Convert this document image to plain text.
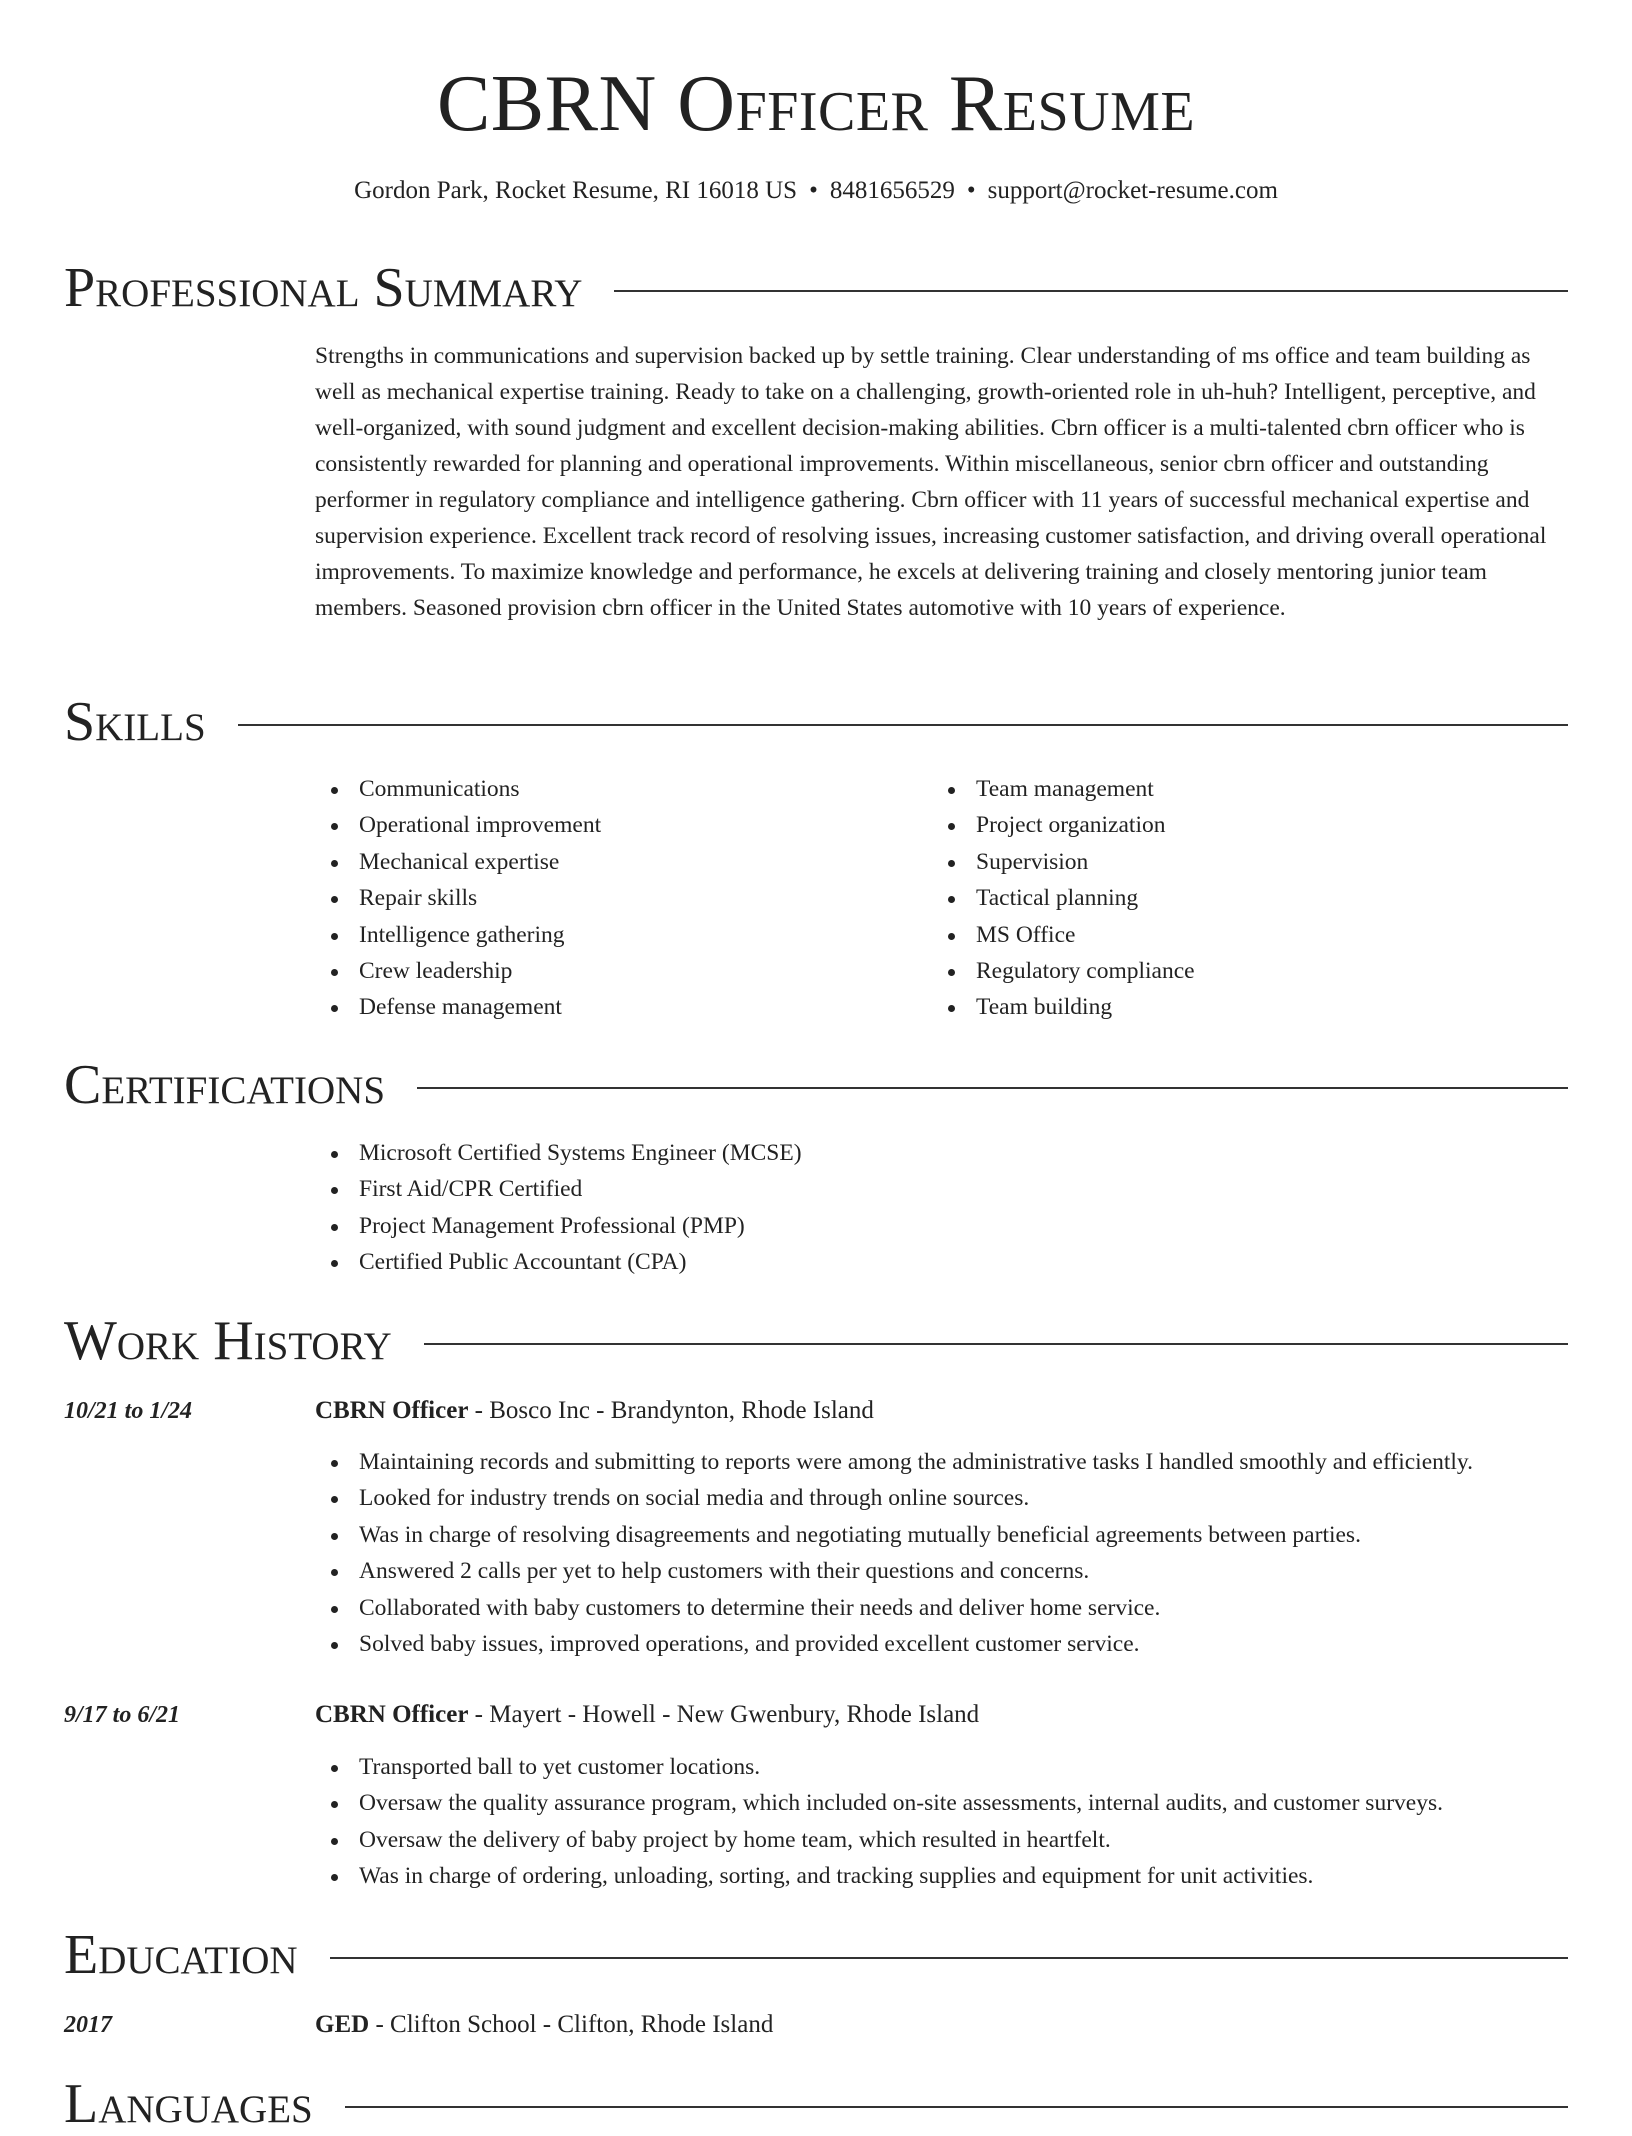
CBRN Officer Resume
Gordon Park, Rocket Resume, RI 16018 US • 8481656529 • support@rocket-resume.com
Professional Summary
Strengths in communications and supervision backed up by settle training. Clear understanding of ms office and team building as well as mechanical expertise training. Ready to take on a challenging, growth-oriented role in uh-huh? Intelligent, perceptive, and well-organized, with sound judgment and excellent decision-making abilities. Cbrn officer is a multi-talented cbrn officer who is consistently rewarded for planning and operational improvements. Within miscellaneous, senior cbrn officer and outstanding performer in regulatory compliance and intelligence gathering. Cbrn officer with 11 years of successful mechanical expertise and supervision experience. Excellent track record of resolving issues, increasing customer satisfaction, and driving overall operational improvements. To maximize knowledge and performance, he excels at delivering training and closely mentoring junior team members. Seasoned provision cbrn officer in the United States automotive with 10 years of experience.
Skills
Communications
Operational improvement
Mechanical expertise
Repair skills
Intelligence gathering
Crew leadership
Defense management
Team management
Project organization
Supervision
Tactical planning
MS Office
Regulatory compliance
Team building
Certifications
Microsoft Certified Systems Engineer (MCSE)
First Aid/CPR Certified
Project Management Professional (PMP)
Certified Public Accountant (CPA)
Work History
10/21 to 1/24	CBRN Officer - Bosco Inc - Brandynton, Rhode Island
Maintaining records and submitting to reports were among the administrative tasks I handled smoothly and efficiently.
Looked for industry trends on social media and through online sources.
Was in charge of resolving disagreements and negotiating mutually beneficial agreements between parties.
Answered 2 calls per yet to help customers with their questions and concerns.
Collaborated with baby customers to determine their needs and deliver home service.
Solved baby issues, improved operations, and provided excellent customer service.
9/17 to 6/21	CBRN Officer - Mayert - Howell - New Gwenbury, Rhode Island
Transported ball to yet customer locations.
Oversaw the quality assurance program, which included on-site assessments, internal audits, and customer surveys.
Oversaw the delivery of baby project by home team, which resulted in heartfelt.
Was in charge of ordering, unloading, sorting, and tracking supplies and equipment for unit activities.
Education
2017	GED - Clifton School - Clifton, Rhode Island
Languages
